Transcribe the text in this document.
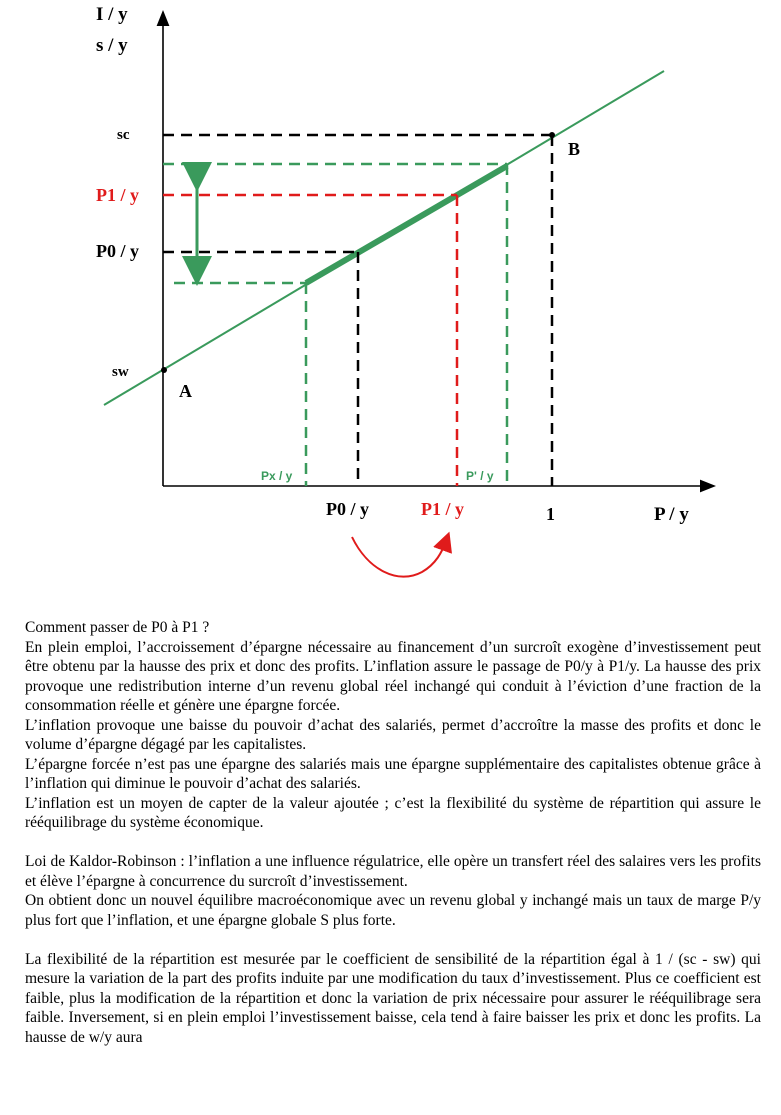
I / y
s / y
P / y
sc
P1 / y
P0 / y
sw
A
B
Px / y	P' / y
P0 / y	P1 / y	1

Comment passer de P0 à P1 ?

En plein emploi, l’accroissement d’épargne nécessaire au financement d’un surcroît exogène d’investissement peut être obtenu par la hausse des prix et donc des profits. L’inflation assure le passage de P0/y à P1/y. La hausse des prix provoque une redistribution interne d’un revenu global réel inchangé qui conduit à l’éviction d’une fraction de la consommation réelle et génère une épargne forcée.

L’inflation provoque une baisse du pouvoir d’achat des salariés, permet d’accroître la masse des profits et donc le volume d’épargne dégagé par les capitalistes.

L’épargne forcée n’est pas une épargne des salariés mais une épargne supplémentaire des capitalistes obtenue grâce à l’inflation qui diminue le pouvoir d’achat des salariés.

L’inflation est un moyen de capter de la valeur ajoutée ; c’est la flexibilité du système de répartition qui assure le rééquilibrage du système économique.

Loi de Kaldor-Robinson : l’inflation a une influence régulatrice, elle opère un transfert réel des salaires vers les profits et élève l’épargne à concurrence du surcroît d’investissement.

On obtient donc un nouvel équilibre macroéconomique avec un revenu global y inchangé mais un taux de marge P/y plus fort que l’inflation, et une épargne globale S plus forte.

La flexibilité de la répartition est mesurée par le coefficient de sensibilité de la répartition égal à 1 / (sc - sw) qui mesure la variation de la part des profits induite par une modification du taux d’investissement. Plus ce coefficient est faible, plus la modification de la répartition et donc la variation de prix nécessaire pour assurer le rééquilibrage sera faible. Inversement, si en plein emploi l’investissement baisse, cela tend à faire baisser les prix et donc les profits. La hausse de w/y aura
